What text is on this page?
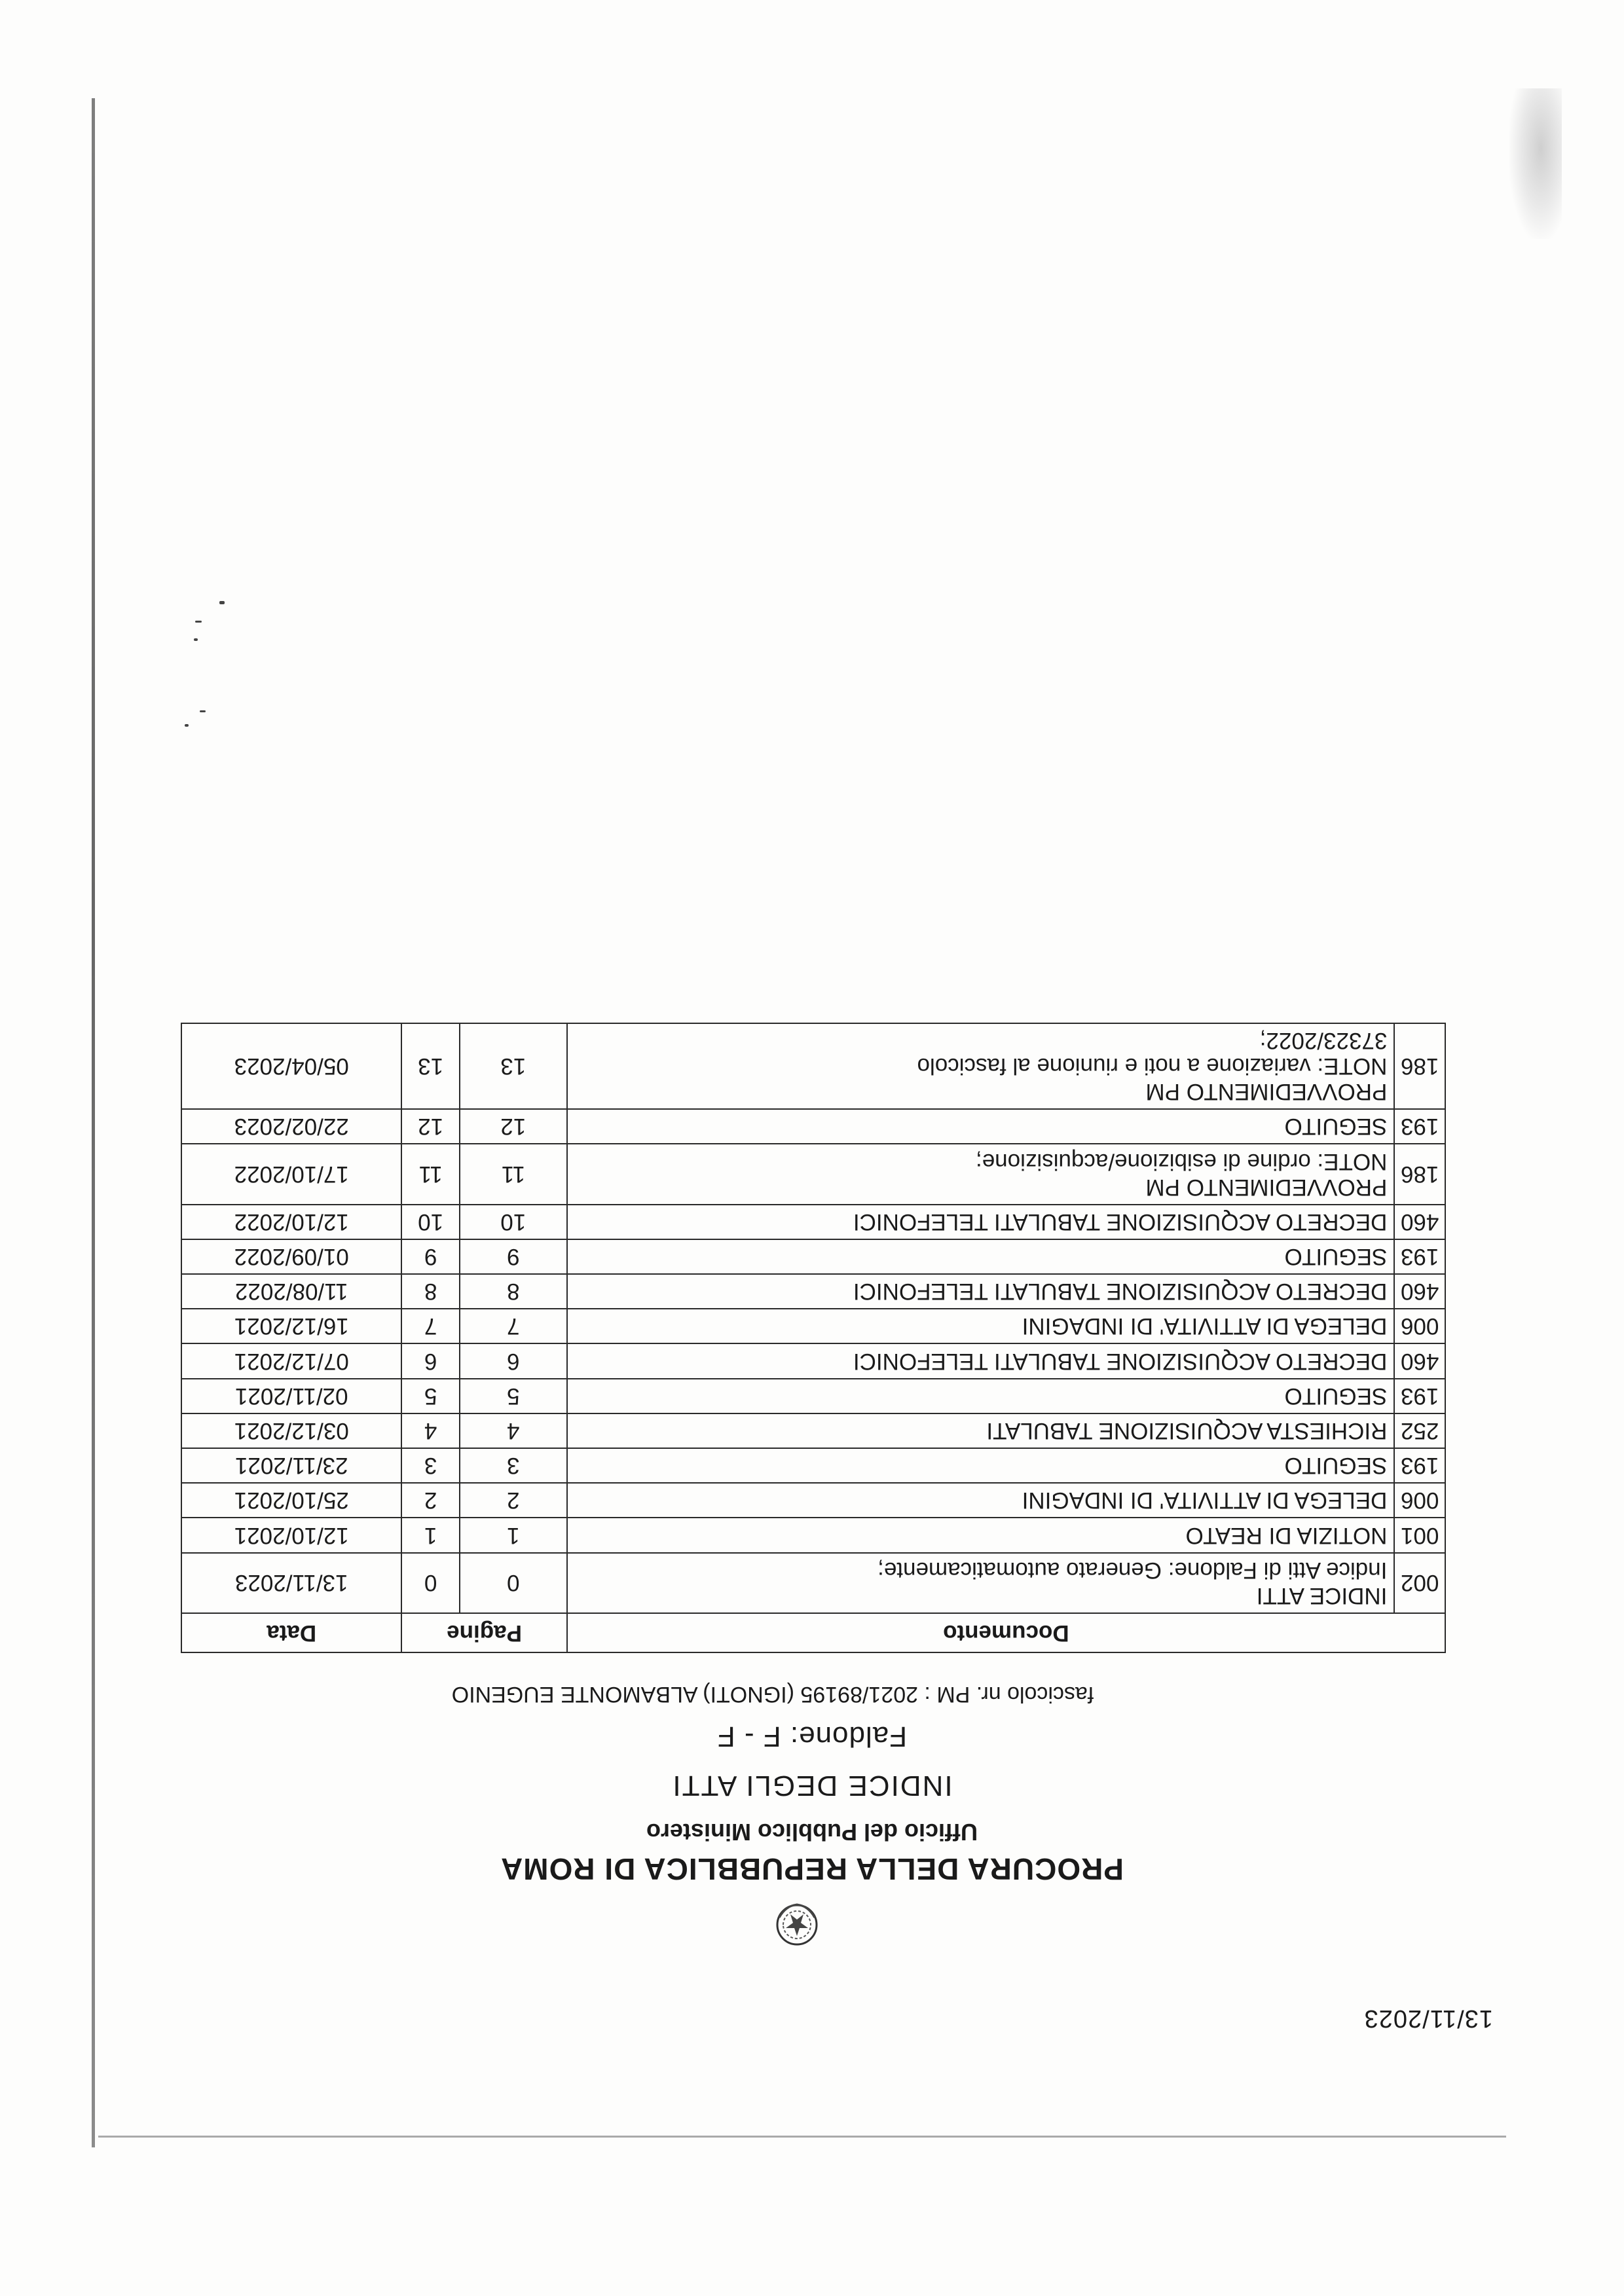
13/11/2023
PROCURA DELLA REPUBBLICA DI ROMA
Ufficio del Pubblico Ministero
INDICE DEGLI ATTI
Faldone: F - F
fascicolo nr. PM : 2021/89195 (IGNOTI) ALBAMONTE EUGENIO
Documento		Pagine		Data
002	INDICE ATTI
Indice Atti di Faldone: Generato automaticamente;	0	0	13/11/2023
001	NOTIZIA DI REATO	1	1	12/10/2021
006	DELEGA DI ATTIVITA' DI INDAGINI	2	2	25/10/2021
193	SEGUITO	3	3	23/11/2021
252	RICHIESTA ACQUISIZIONE TABULATI	4	4	03/12/2021
193	SEGUITO	5	5	02/11/2021
460	DECRETO ACQUISIZIONE TABULATI TELEFONICI	6	6	07/12/2021
006	DELEGA DI ATTIVITA' DI INDAGINI	7	7	16/12/2021
460	DECRETO ACQUISIZIONE TABULATI TELEFONICI	8	8	11/08/2022
193	SEGUITO	9	9	01/09/2022
460	DECRETO ACQUISIZIONE TABULATI TELEFONICI	10	10	12/10/2022
186	PROVVEDIMENTO PM
NOTE: ordine di esibizione/acquisizione;	11	11	17/10/2022
193	SEGUITO	12	12	22/02/2023
186	PROVVEDIMENTO PM
NOTE: variazione a noti e riunione al fascicolo
37323/2022;	13	13	05/04/2023
